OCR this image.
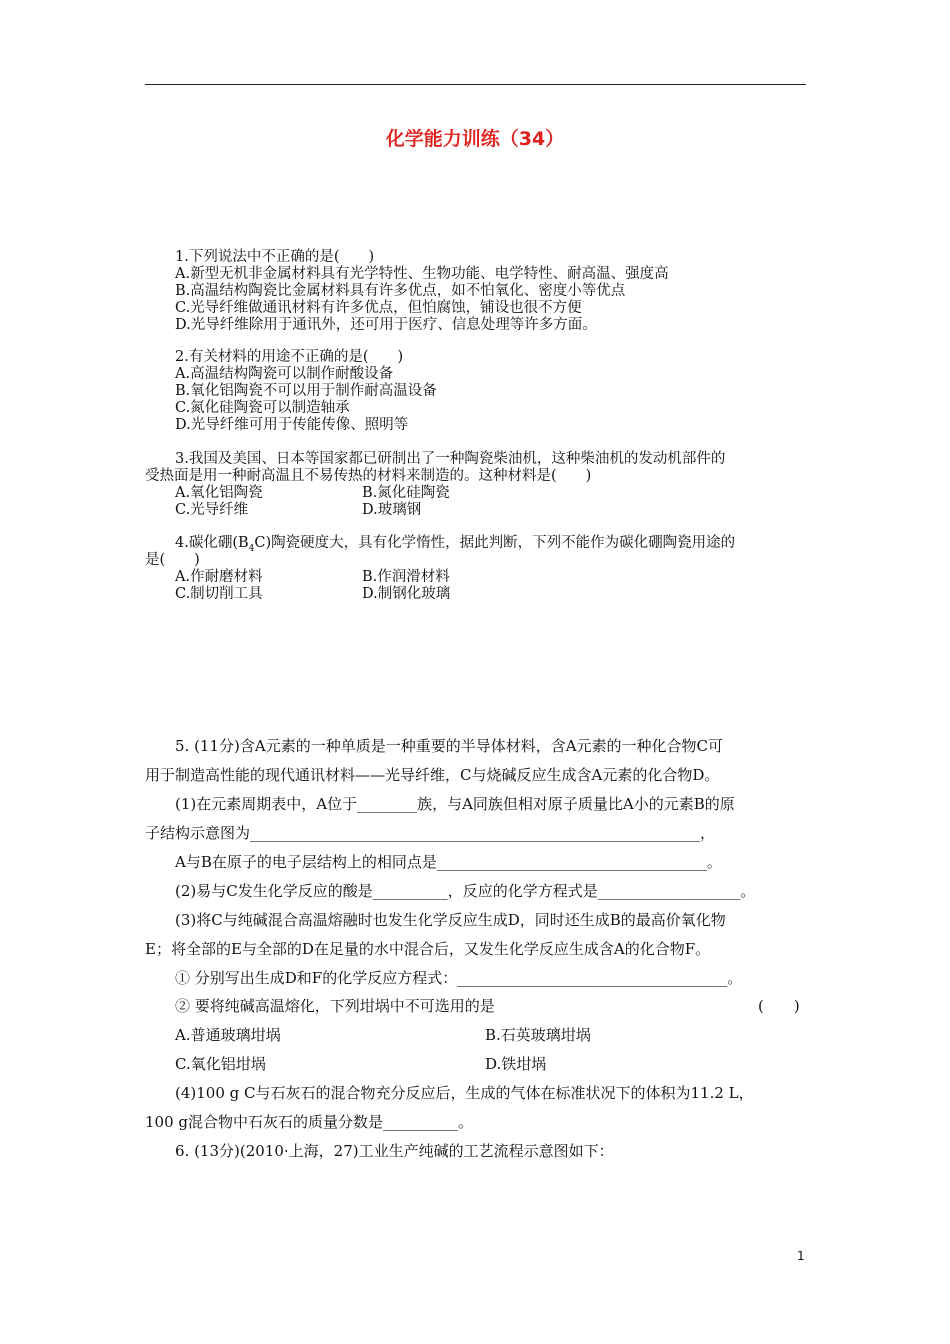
化学能力训练（34）
1.下列说法中不正确的是(　　)
A.新型无机非金属材料具有光学特性、生物功能、电学特性、耐高温、强度高
B.高温结构陶瓷比金属材料具有许多优点，如不怕氧化、密度小等优点
C.光导纤维做通讯材料有许多优点，但怕腐蚀，铺设也很不方便
D.光导纤维除用于通讯外，还可用于医疗、信息处理等许多方面。
2.有关材料的用途不正确的是(　　)
A.高温结构陶瓷可以制作耐酸设备
B.氧化铝陶瓷不可以用于制作耐高温设备
C.氮化硅陶瓷可以制造轴承
D.光导纤维可用于传能传像、照明等
3.我国及美国、日本等国家都已研制出了一种陶瓷柴油机，这种柴油机的发动机部件的
受热面是用一种耐高温且不易传热的材料来制造的。这种材料是(　　)
A.氧化铝陶瓷	B.氮化硅陶瓷
C.光导纤维	D.玻璃钢
4.碳化硼$(B_4C)$陶瓷硬度大，具有化学惰性，据此判断，下列不能作为碳化硼陶瓷用途的
是(　　)
A.作耐磨材料	B.作润滑材料
C.制切削工具	D.制钢化玻璃
5. (11分)含A元素的一种单质是一种重要的半导体材料，含A元素的一种化合物C可
用于制造高性能的现代通讯材料——光导纤维，C与烧碱反应生成含A元素的化合物D。
(1)在元素周期表中，A位于________族，与A同族但相对原子质量比A小的元素B的原
子结构示意图为____________________________________________________________，
A与B在原子的电子层结构上的相同点是____________________________________。
(2)易与C发生化学反应的酸是__________，反应的化学方程式是___________________。
(3)将C与纯碱混合高温熔融时也发生化学反应生成D，同时还生成B的最高价氧化物
E；将全部的E与全部的D在足量的水中混合后，又发生化学反应生成含A的化合物F。
① 分别写出生成D和F的化学反应方程式：____________________________________。
② 要将纯碱高温熔化，下列坩埚中不可选用的是	(　　)
A.普通玻璃坩埚	B.石英玻璃坩埚
C.氧化铝坩埚	D.铁坩埚
(4)100 g C与石灰石的混合物充分反应后，生成的气体在标准状况下的体积为11.2 L，
100 g混合物中石灰石的质量分数是__________。
6. (13分)(2010·上海，27)工业生产纯碱的工艺流程示意图如下：
1
